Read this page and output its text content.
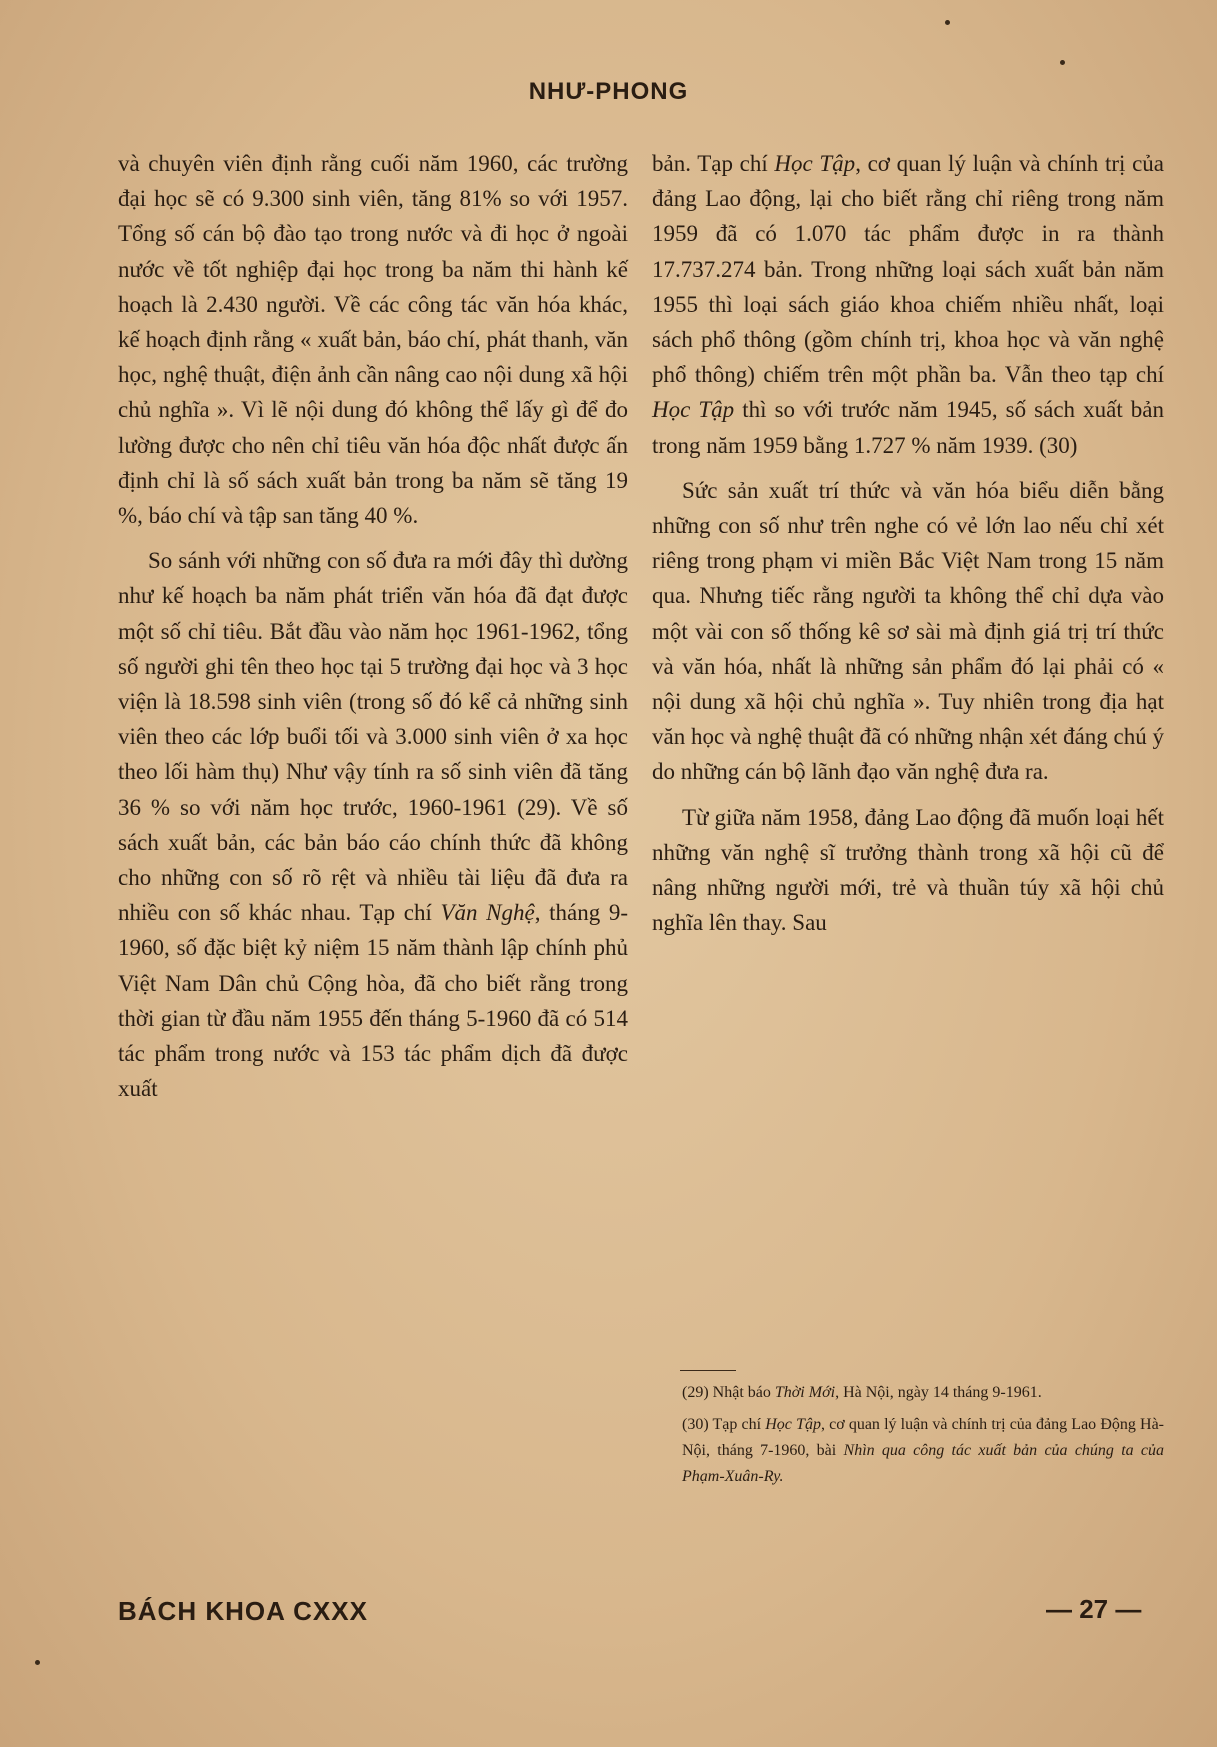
NHƯ-PHONG

và chuyên viên định rằng cuối năm 1960, các trường đại học sẽ có 9.300 sinh viên, tăng 81% so với 1957. Tổng số cán bộ đào tạo trong nước và đi học ở ngoài nước về tốt nghiệp đại học trong ba năm thi hành kế hoạch là 2.430 người. Về các công tác văn hóa khác, kế hoạch định rằng « xuất bản, báo chí, phát thanh, văn học, nghệ thuật, điện ảnh cần nâng cao nội dung xã hội chủ nghĩa ». Vì lẽ nội dung đó không thể lấy gì để đo lường được cho nên chỉ tiêu văn hóa độc nhất được ấn định chỉ là số sách xuất bản trong ba năm sẽ tăng 19 %, báo chí và tập san tăng 40 %.

So sánh với những con số đưa ra mới đây thì dường như kế hoạch ba năm phát triển văn hóa đã đạt được một số chỉ tiêu. Bắt đầu vào năm học 1961-1962, tổng số người ghi tên theo học tại 5 trường đại học và 3 học viện là 18.598 sinh viên (trong số đó kể cả những sinh viên theo các lớp buổi tối và 3.000 sinh viên ở xa học theo lối hàm thụ) Như vậy tính ra số sinh viên đã tăng 36 % so với năm học trước, 1960-1961 (29). Về số sách xuất bản, các bản báo cáo chính thức đã không cho những con số rõ rệt và nhiều tài liệu đã đưa ra nhiều con số khác nhau. Tạp chí Văn Nghệ, tháng 9-1960, số đặc biệt kỷ niệm 15 năm thành lập chính phủ Việt Nam Dân chủ Cộng hòa, đã cho biết rằng trong thời gian từ đầu năm 1955 đến tháng 5-1960 đã có 514 tác phẩm trong nước và 153 tác phẩm dịch đã được xuất

bản. Tạp chí Học Tập, cơ quan lý luận và chính trị của đảng Lao động, lại cho biết rằng chỉ riêng trong năm 1959 đã có 1.070 tác phẩm được in ra thành 17.737.274 bản. Trong những loại sách xuất bản năm 1955 thì loại sách giáo khoa chiếm nhiều nhất, loại sách phổ thông (gồm chính trị, khoa học và văn nghệ phổ thông) chiếm trên một phần ba. Vẫn theo tạp chí Học Tập thì so với trước năm 1945, số sách xuất bản trong năm 1959 bằng 1.727 % năm 1939. (30)

Sức sản xuất trí thức và văn hóa biểu diễn bằng những con số như trên nghe có vẻ lớn lao nếu chỉ xét riêng trong phạm vi miền Bắc Việt Nam trong 15 năm qua. Nhưng tiếc rằng người ta không thể chỉ dựa vào một vài con số thống kê sơ sài mà định giá trị trí thức và văn hóa, nhất là những sản phẩm đó lại phải có « nội dung xã hội chủ nghĩa ». Tuy nhiên trong địa hạt văn học và nghệ thuật đã có những nhận xét đáng chú ý do những cán bộ lãnh đạo văn nghệ đưa ra.

Từ giữa năm 1958, đảng Lao động đã muốn loại hết những văn nghệ sĩ trưởng thành trong xã hội cũ để nâng những người mới, trẻ và thuần túy xã hội chủ nghĩa lên thay. Sau

(29) Nhật báo Thời Mới, Hà Nội, ngày 14 tháng 9-1961.

(30) Tạp chí Học Tập, cơ quan lý luận và chính trị của đảng Lao Động Hà-Nội, tháng 7-1960, bài Nhìn qua công tác xuất bản của chúng ta của Phạm-Xuân-Ry.

BÁCH KHOA CXXX	— 27 —
